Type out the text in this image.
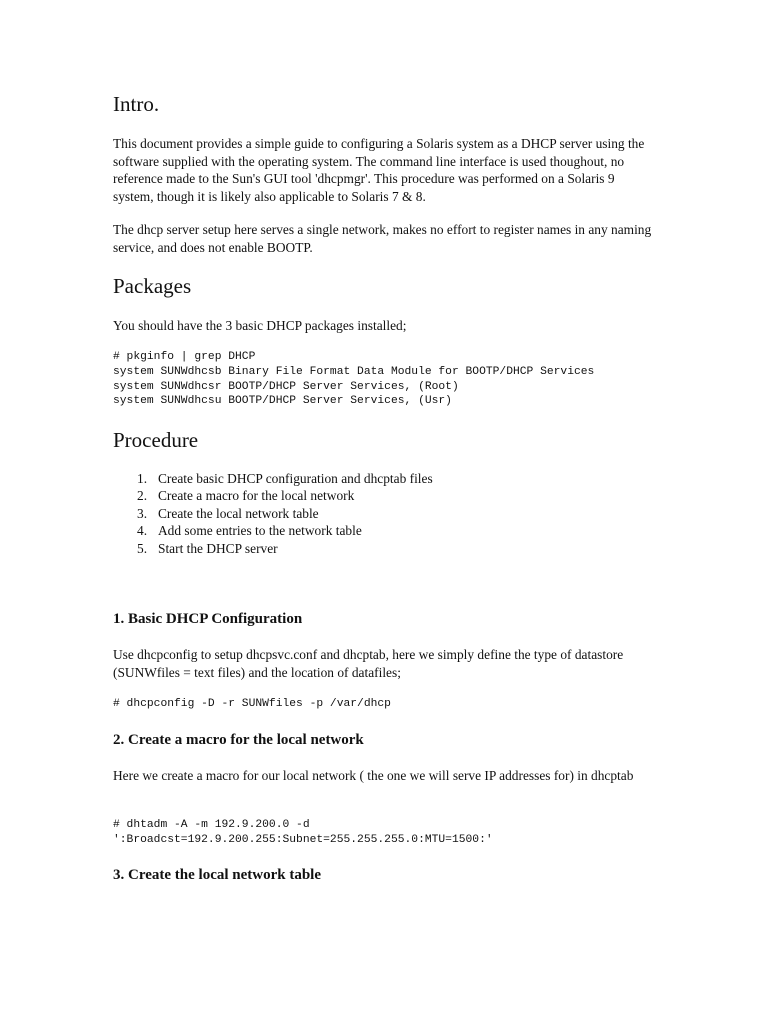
Intro.

This document provides a simple guide to configuring a Solaris system as a DHCP server using the software supplied with the operating system. The command line interface is used thoughout, no reference made to the Sun's GUI tool 'dhcpmgr'. This procedure was performed on a Solaris 9 system, though it is likely also applicable to Solaris 7 & 8.

The dhcp server setup here serves a single network, makes no effort to register names in any naming service, and does not enable BOOTP.

Packages

You should have the 3 basic DHCP packages installed;

# pkginfo | grep DHCP
system SUNWdhcsb Binary File Format Data Module for BOOTP/DHCP Services
system SUNWdhcsr BOOTP/DHCP Server Services, (Root)
system SUNWdhcsu BOOTP/DHCP Server Services, (Usr)
Procedure
1. Create basic DHCP configuration and dhcptab files
2. Create a macro for the local network
3. Create the local network table
4. Add some entries to the network table
5. Start the DHCP server
1. Basic DHCP Configuration

Use dhcpconfig to setup dhcpsvc.conf and dhcptab, here we simply define the type of datastore (SUNWfiles = text files) and the location of datafiles;

# dhcpconfig -D -r SUNWfiles -p /var/dhcp
2. Create a macro for the local network

Here we create a macro for our local network ( the one we will serve IP addresses for) in dhcptab

# dhtadm -A -m 192.9.200.0 -d
':Broadcst=192.9.200.255:Subnet=255.255.255.0:MTU=1500:'
3. Create the local network table
